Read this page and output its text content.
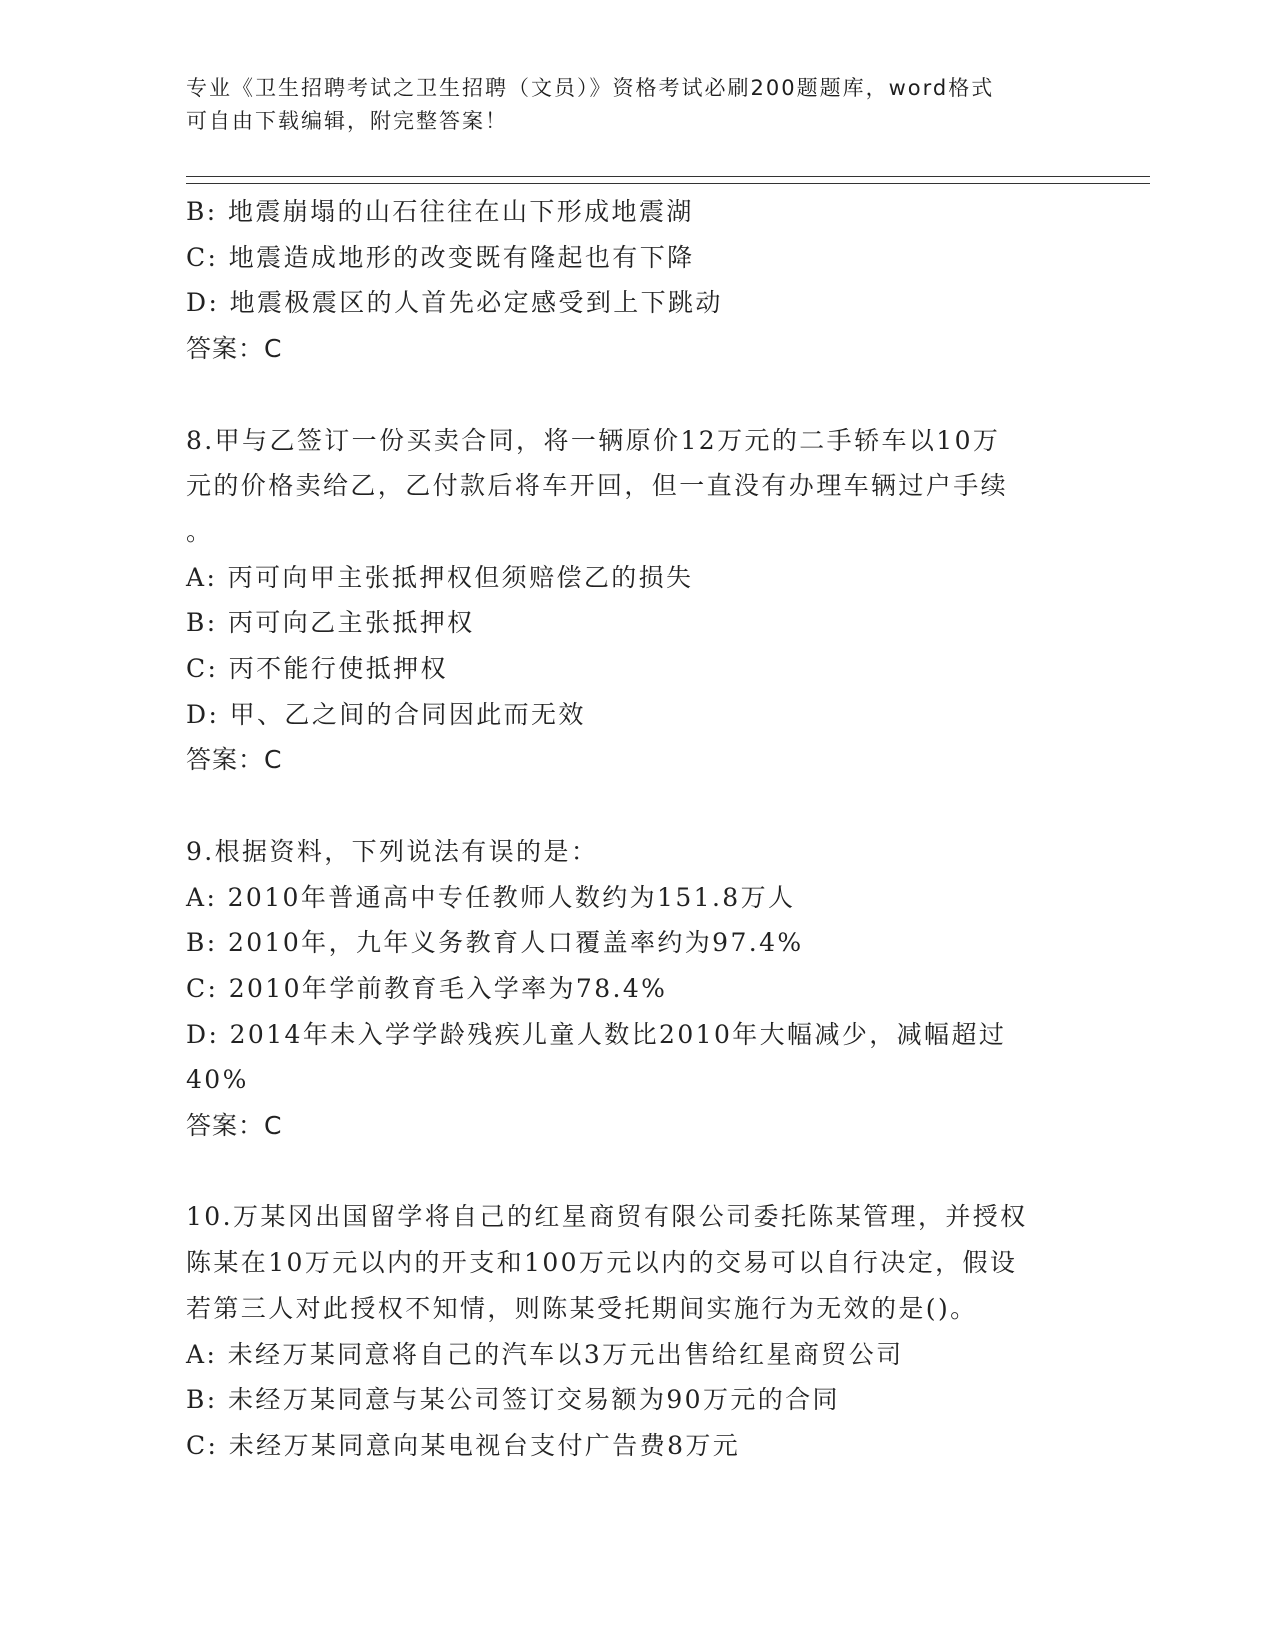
专业《卫生招聘考试之卫生招聘（文员）》资格考试必刷200题题库，word格式
可自由下载编辑，附完整答案！
B: 地震崩塌的山石往往在山下形成地震湖
C: 地震造成地形的改变既有隆起也有下降
D: 地震极震区的人首先必定感受到上下跳动
答案：C
8.甲与乙签订一份买卖合同，将一辆原价12万元的二手轿车以10万
元的价格卖给乙，乙付款后将车开回，但一直没有办理车辆过户手续
。
A: 丙可向甲主张抵押权但须赔偿乙的损失
B: 丙可向乙主张抵押权
C: 丙不能行使抵押权
D: 甲、乙之间的合同因此而无效
答案：C
9.根据资料，下列说法有误的是：
A: 2010年普通高中专任教师人数约为151.8万人
B: 2010年，九年义务教育人口覆盖率约为97.4%
C: 2010年学前教育毛入学率为78.4%
D: 2014年未入学学龄残疾儿童人数比2010年大幅减少，减幅超过
40%
答案：C
10.万某冈出国留学将自己的红星商贸有限公司委托陈某管理，并授权
陈某在10万元以内的开支和100万元以内的交易可以自行决定，假设
若第三人对此授权不知情，则陈某受托期间实施行为无效的是()。
A: 未经万某同意将自己的汽车以3万元出售给红星商贸公司
B: 未经万某同意与某公司签订交易额为90万元的合同
C: 未经万某同意向某电视台支付广告费8万元
